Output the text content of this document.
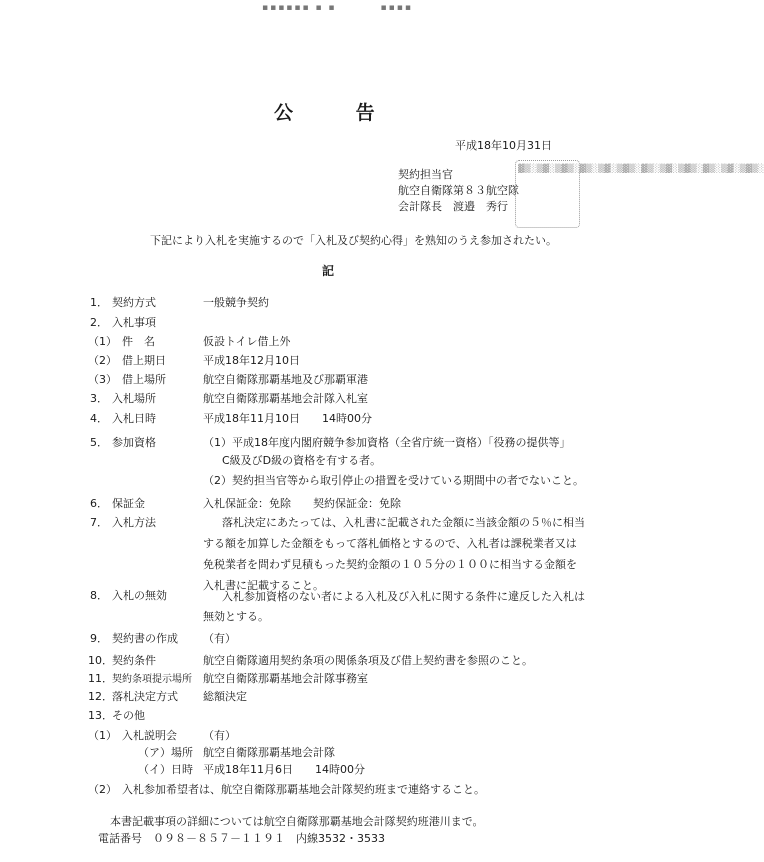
▪▪▪▪▪▪ ▪ ▪　　　　▪▪▪▪
公 告
平成18年10月31日
契約担当官
航空自衛隊第８３航空隊
会計隊長　渡邉　秀行
▓▒░▒▓░▒▓▒░▓▒░▒▓░▒▓▒░▓▒░▒▓░▒▓▒░▓▒░▒▓░▒▓▒░
下記により入札を実施するので「入札及び契約心得」を熟知のうえ参加されたい。
記
1． 契約方式	一般競争契約
2． 入札事項
（1） 件　名	仮設トイレ借上外
（2） 借上期日	平成18年12月10日
（3） 借上場所	航空自衛隊那覇基地及び那覇軍港
3． 入札場所	航空自衛隊那覇基地会計隊入札室
4． 入札日時	平成18年11月10日　　14時00分
5． 参加資格	（1）平成18年度内閣府競争参加資格（全省庁統一資格）「役務の提供等」
C級及びD級の資格を有する者。
（2）契約担当官等から取引停止の措置を受けている期間中の者でないこと。
6． 保証金	入札保証金：免除　　契約保証金：免除
7． 入札方法	落札決定にあたっては、入札書に記載された金額に当該金額の５％に相当
する額を加算した金額をもって落札価格とするので、入札者は課税業者又は
免税業者を問わず見積もった契約金額の１０５分の１００に相当する金額を
入札書に記載すること。
8． 入札の無効	入札参加資格のない者による入札及び入札に関する条件に違反した入札は
無効とする。
9． 契約書の作成 （有）
10． 契約条件	航空自衛隊適用契約条項の関係条項及び借上契約書を参照のこと。
11． 契約条項提示場所 航空自衛隊那覇基地会計隊事務室
12． 落札決定方式 総額決定
13． その他
（1） 入札説明会 （有）
（ア）場所 航空自衛隊那覇基地会計隊
（イ）日時 平成18年11月6日　　14時00分
（2） 入札参加希望者は、航空自衛隊那覇基地会計隊契約班まで連絡すること。
本書記載事項の詳細については航空自衛隊那覇基地会計隊契約班港川まで。
電話番号　０９８－８５７－１１９１　内線3532・3533
